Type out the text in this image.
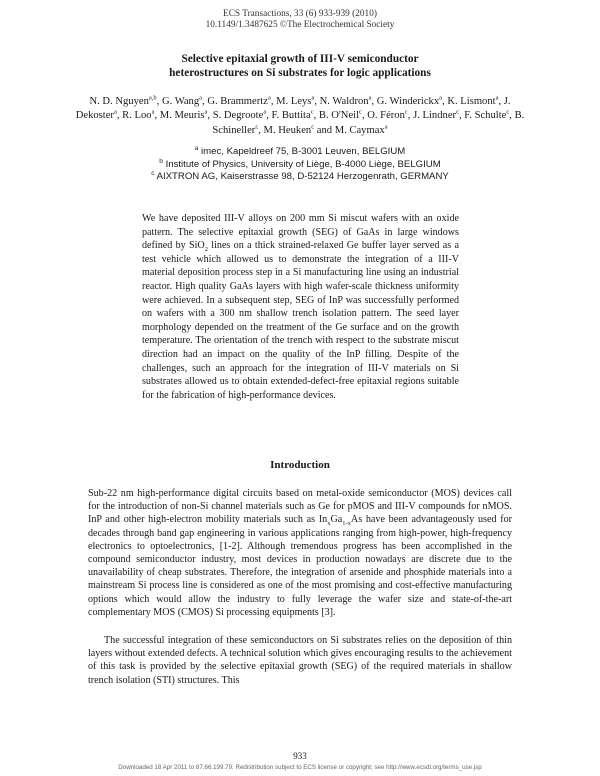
ECS Transactions, 33 (6) 933-939 (2010)
10.1149/1.3487625 ©The Electrochemical Society
Selective epitaxial growth of III-V semiconductor
heterostructures on Si substrates for logic applications
N. D. Nguyen$^{a,b}$, G. Wang$^a$, G. Brammertz$^a$, M. Leys$^a$, N. Waldron$^a$, G. Winderickx$^a$, K. Lismont$^a$, J. Dekoster$^a$, R. Loo$^a$, M. Meuris$^a$, S. Degroote$^a$, F. Buttita$^c$, B. O'Neil$^c$, O. Féron$^c$, J. Lindner$^c$, F. Schulte$^c$, B. Schineller$^c$, M. Heuken$^c$ and M. Caymax$^a$
$^a$ imec, Kapeldreef 75, B-3001 Leuven, BELGIUM
$^b$ Institute of Physics, University of Liège, B-4000 Liège, BELGIUM
$^c$ AIXTRON AG, Kaiserstrasse 98, D-52124 Herzogenrath, GERMANY
We have deposited III-V alloys on 200 mm Si miscut wafers with an oxide pattern. The selective epitaxial growth (SEG) of GaAs in large windows defined by SiO$_2$ lines on a thick strained-relaxed Ge buffer layer served as a test vehicle which allowed us to demonstrate the integration of a III-V material deposition process step in a Si manufacturing line using an industrial reactor. High quality GaAs layers with high wafer-scale thickness uniformity were achieved. In a subsequent step, SEG of InP was successfully performed on wafers with a 300 nm shallow trench isolation pattern. The seed layer morphology depended on the treatment of the Ge surface and on the growth temperature. The orientation of the trench with respect to the substrate miscut direction had an impact on the quality of the InP filling. Despite of the challenges, such an approach for the integration of III-V materials on Si substrates allowed us to obtain extended-defect-free epitaxial regions suitable for the fabrication of high-performance devices.
Introduction
Sub-22 nm high-performance digital circuits based on metal-oxide semiconductor (MOS) devices call for the introduction of non-Si channel materials such as Ge for pMOS and III-V compounds for nMOS. InP and other high-electron mobility materials such as $In_xGa_{1-x}As$ have been advantageously used for decades through band gap engineering in various applications ranging from high-power, high-frequency electronics to optoelectronics, [1-2]. Although tremendous progress has been accomplished in the compound semiconductor industry, most devices in production nowadays are discrete due to the unavailability of cheap substrates. Therefore, the integration of arsenide and phosphide materials into a mainstream Si process line is considered as one of the most promising and cost-effective manufacturing options which would allow the industry to fully leverage the wafer size and state-of-the-art complementary MOS (CMOS) Si processing equipments [3].
The successful integration of these semiconductors on Si substrates relies on the deposition of thin layers without extended defects. A technical solution which gives encouraging results to the achievement of this task is provided by the selective epitaxial growth (SEG) of the required materials in shallow trench isolation (STI) structures. This
933
Downloaded 18 Apr 2011 to 87.66.199.79. Redistribution subject to ECS license or copyright; see http://www.ecsdl.org/terms_use.jsp
